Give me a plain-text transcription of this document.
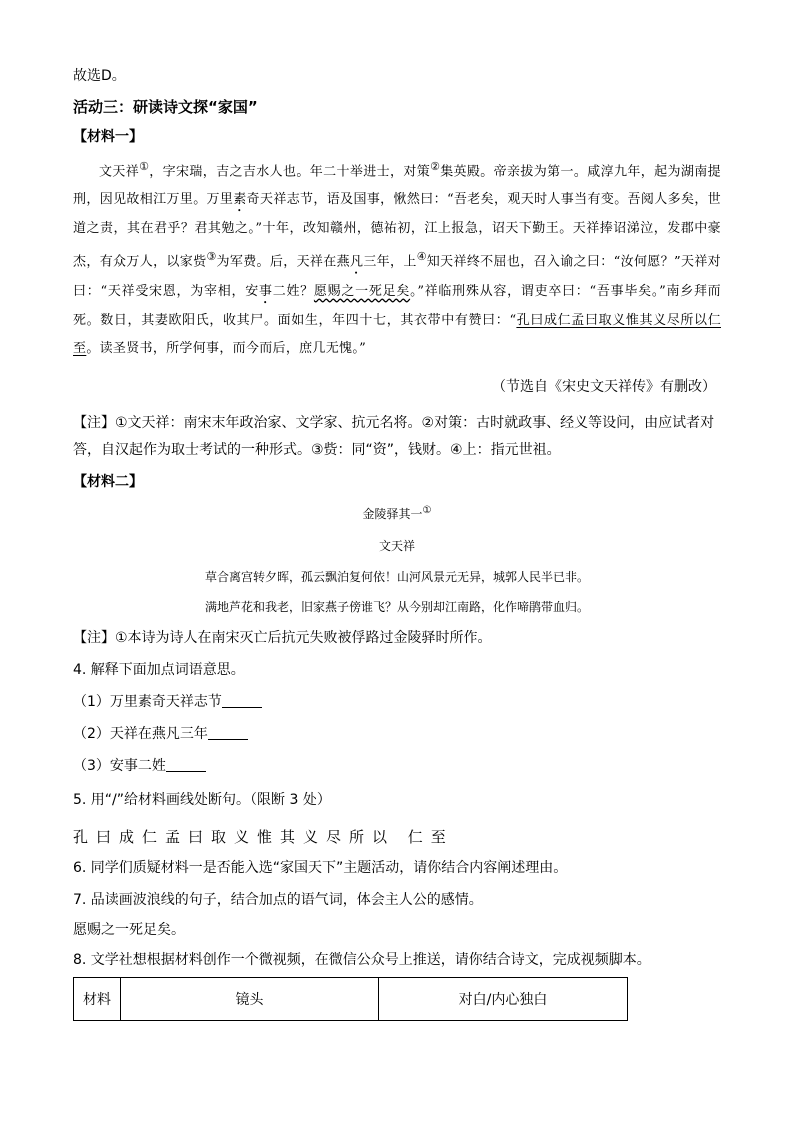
故选D。
活动三：研读诗文探“家国”
【材料一】
文天祥①，字宋瑞，吉之吉水人也。年二十举进士，对策②集英殿。帝亲拔为第一。咸淳九年，起为湖南提刑，因见故相江万里。万里素奇天祥志节，语及国事，愀然曰：“吾老矣，观天时人事当有变。吾阅人多矣，世道之责，其在君乎？君其勉之。”十年，改知赣州，德祐初，江上报急，诏天下勤王。天祥捧诏涕泣，发郡中豪杰，有众万人，以家赀③为军费。后，天祥在燕凡三年，上④知天祥终不屈也，召入谕之曰：“汝何愿？”天祥对曰：“天祥受宋恩，为宰相，安事二姓？愿赐之一死足矣。”祥临刑殊从容，谓吏卒曰：“吾事毕矣。”南乡拜而死。数日，其妻欧阳氏，收其尸。面如生，年四十七，其衣带中有赞曰：“孔曰成仁孟曰取义惟其义尽所以仁至。读圣贤书，所学何事，而今而后，庶几无愧。”
（节选自《宋史文天祥传》有删改）
【注】①文天祥：南宋末年政治家、文学家、抗元名将。②对策：古时就政事、经义等设问，由应试者对答，自汉起作为取士考试的一种形式。③赀：同“资”，钱财。④上：指元世祖。
【材料二】
金陵驿其一①
文天祥
草合离宫转夕晖，孤云飘泊复何依！山河风景元无异，城郭人民半已非。
满地芦花和我老，旧家燕子傍谁飞？从今别却江南路，化作啼鹃带血归。
【注】①本诗为诗人在南宋灭亡后抗元失败被俘路过金陵驿时所作。
4. 解释下面加点词语意思。
（1）万里素奇天祥志节
（2）天祥在燕凡三年
（3）安事二姓
5. 用“/”给材料画线处断句。（限断 3 处）
孔曰成仁孟曰取义惟其义尽所以 仁至
6. 同学们质疑材料一是否能入选“家国天下”主题活动，请你结合内容阐述理由。
7. 品读画波浪线的句子，结合加点的语气词，体会主人公的感情。
愿赐之一死足矣。
8. 文学社想根据材料创作一个微视频，在微信公众号上推送，请你结合诗文，完成视频脚本。
材料	镜头	对白/内心独白
